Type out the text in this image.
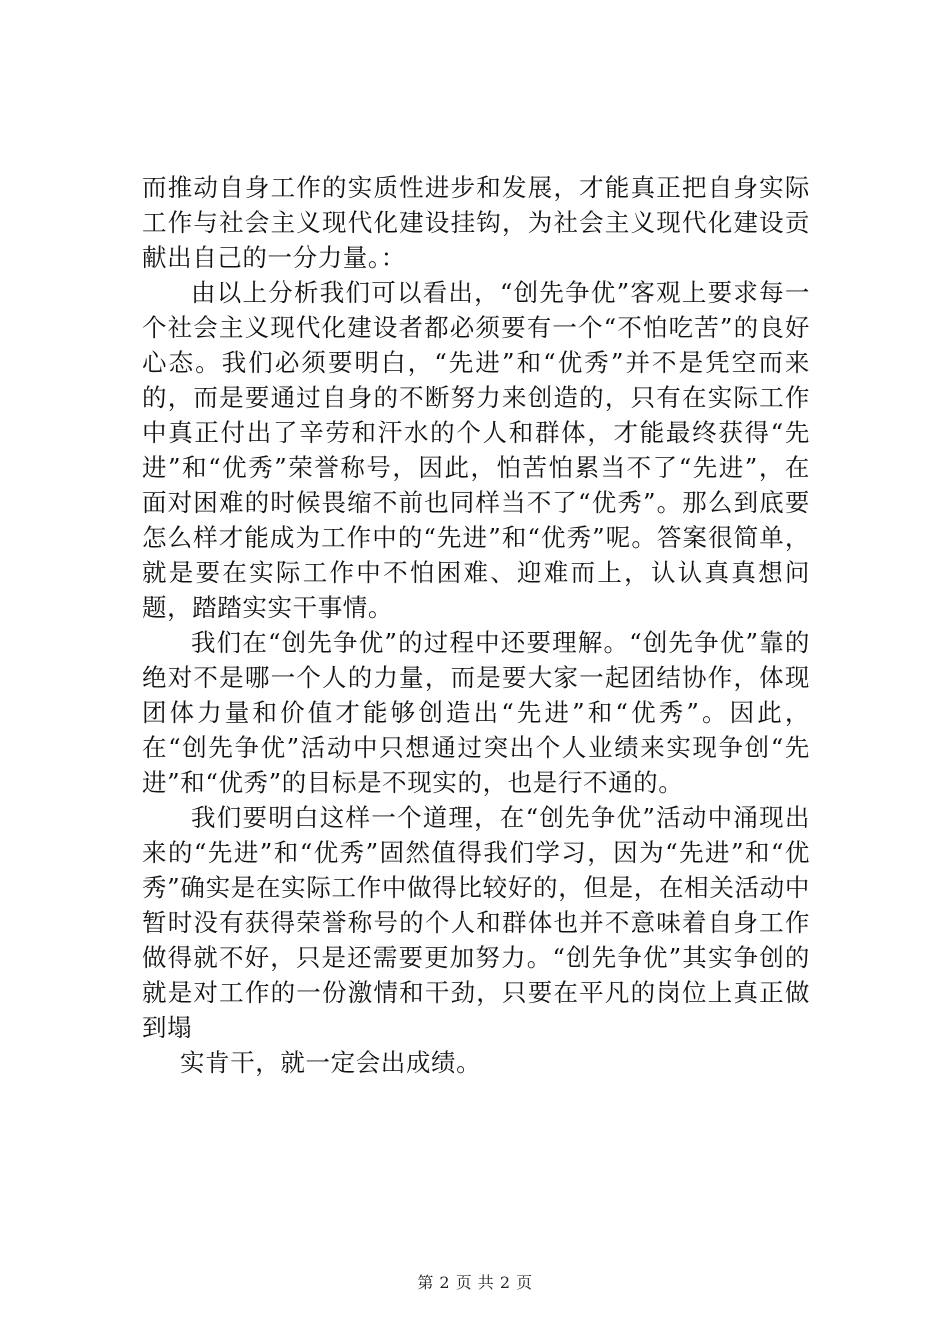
而推动自身工作的实质性进步和发展，才能真正把自身实际工作与社会主义现代化建设挂钩，为社会主义现代化建设贡献出自己的一分力量。：

由以上分析我们可以看出，“创先争优”客观上要求每一个社会主义现代化建设者都必须要有一个“不怕吃苦”的良好心态。我们必须要明白，“先进”和“优秀”并不是凭空而来的，而是要通过自身的不断努力来创造的，只有在实际工作中真正付出了辛劳和汗水的个人和群体，才能最终获得“先进”和“优秀”荣誉称号，因此，怕苦怕累当不了“先进”，在面对困难的时候畏缩不前也同样当不了“优秀”。那么到底要怎么样才能成为工作中的“先进”和“优秀”呢。答案很简单，就是要在实际工作中不怕困难、迎难而上，认认真真想问题，踏踏实实干事情。

我们在“创先争优”的过程中还要理解。“创先争优”靠的绝对不是哪一个人的力量，而是要大家一起团结协作，体现团体力量和价值才能够创造出“先进”和“优秀”。因此，在“创先争优”活动中只想通过突出个人业绩来实现争创“先进”和“优秀”的目标是不现实的，也是行不通的。

我们要明白这样一个道理，在“创先争优”活动中涌现出来的“先进”和“优秀”固然值得我们学习，因为“先进”和“优秀”确实是在实际工作中做得比较好的，但是，在相关活动中暂时没有获得荣誉称号的个人和群体也并不意味着自身工作做得就不好，只是还需要更加努力。“创先争优”其实争创的就是对工作的一份激情和干劲，只要在平凡的岗位上真正做到塌

实肯干，就一定会出成绩。

第 2 页 共 2 页
